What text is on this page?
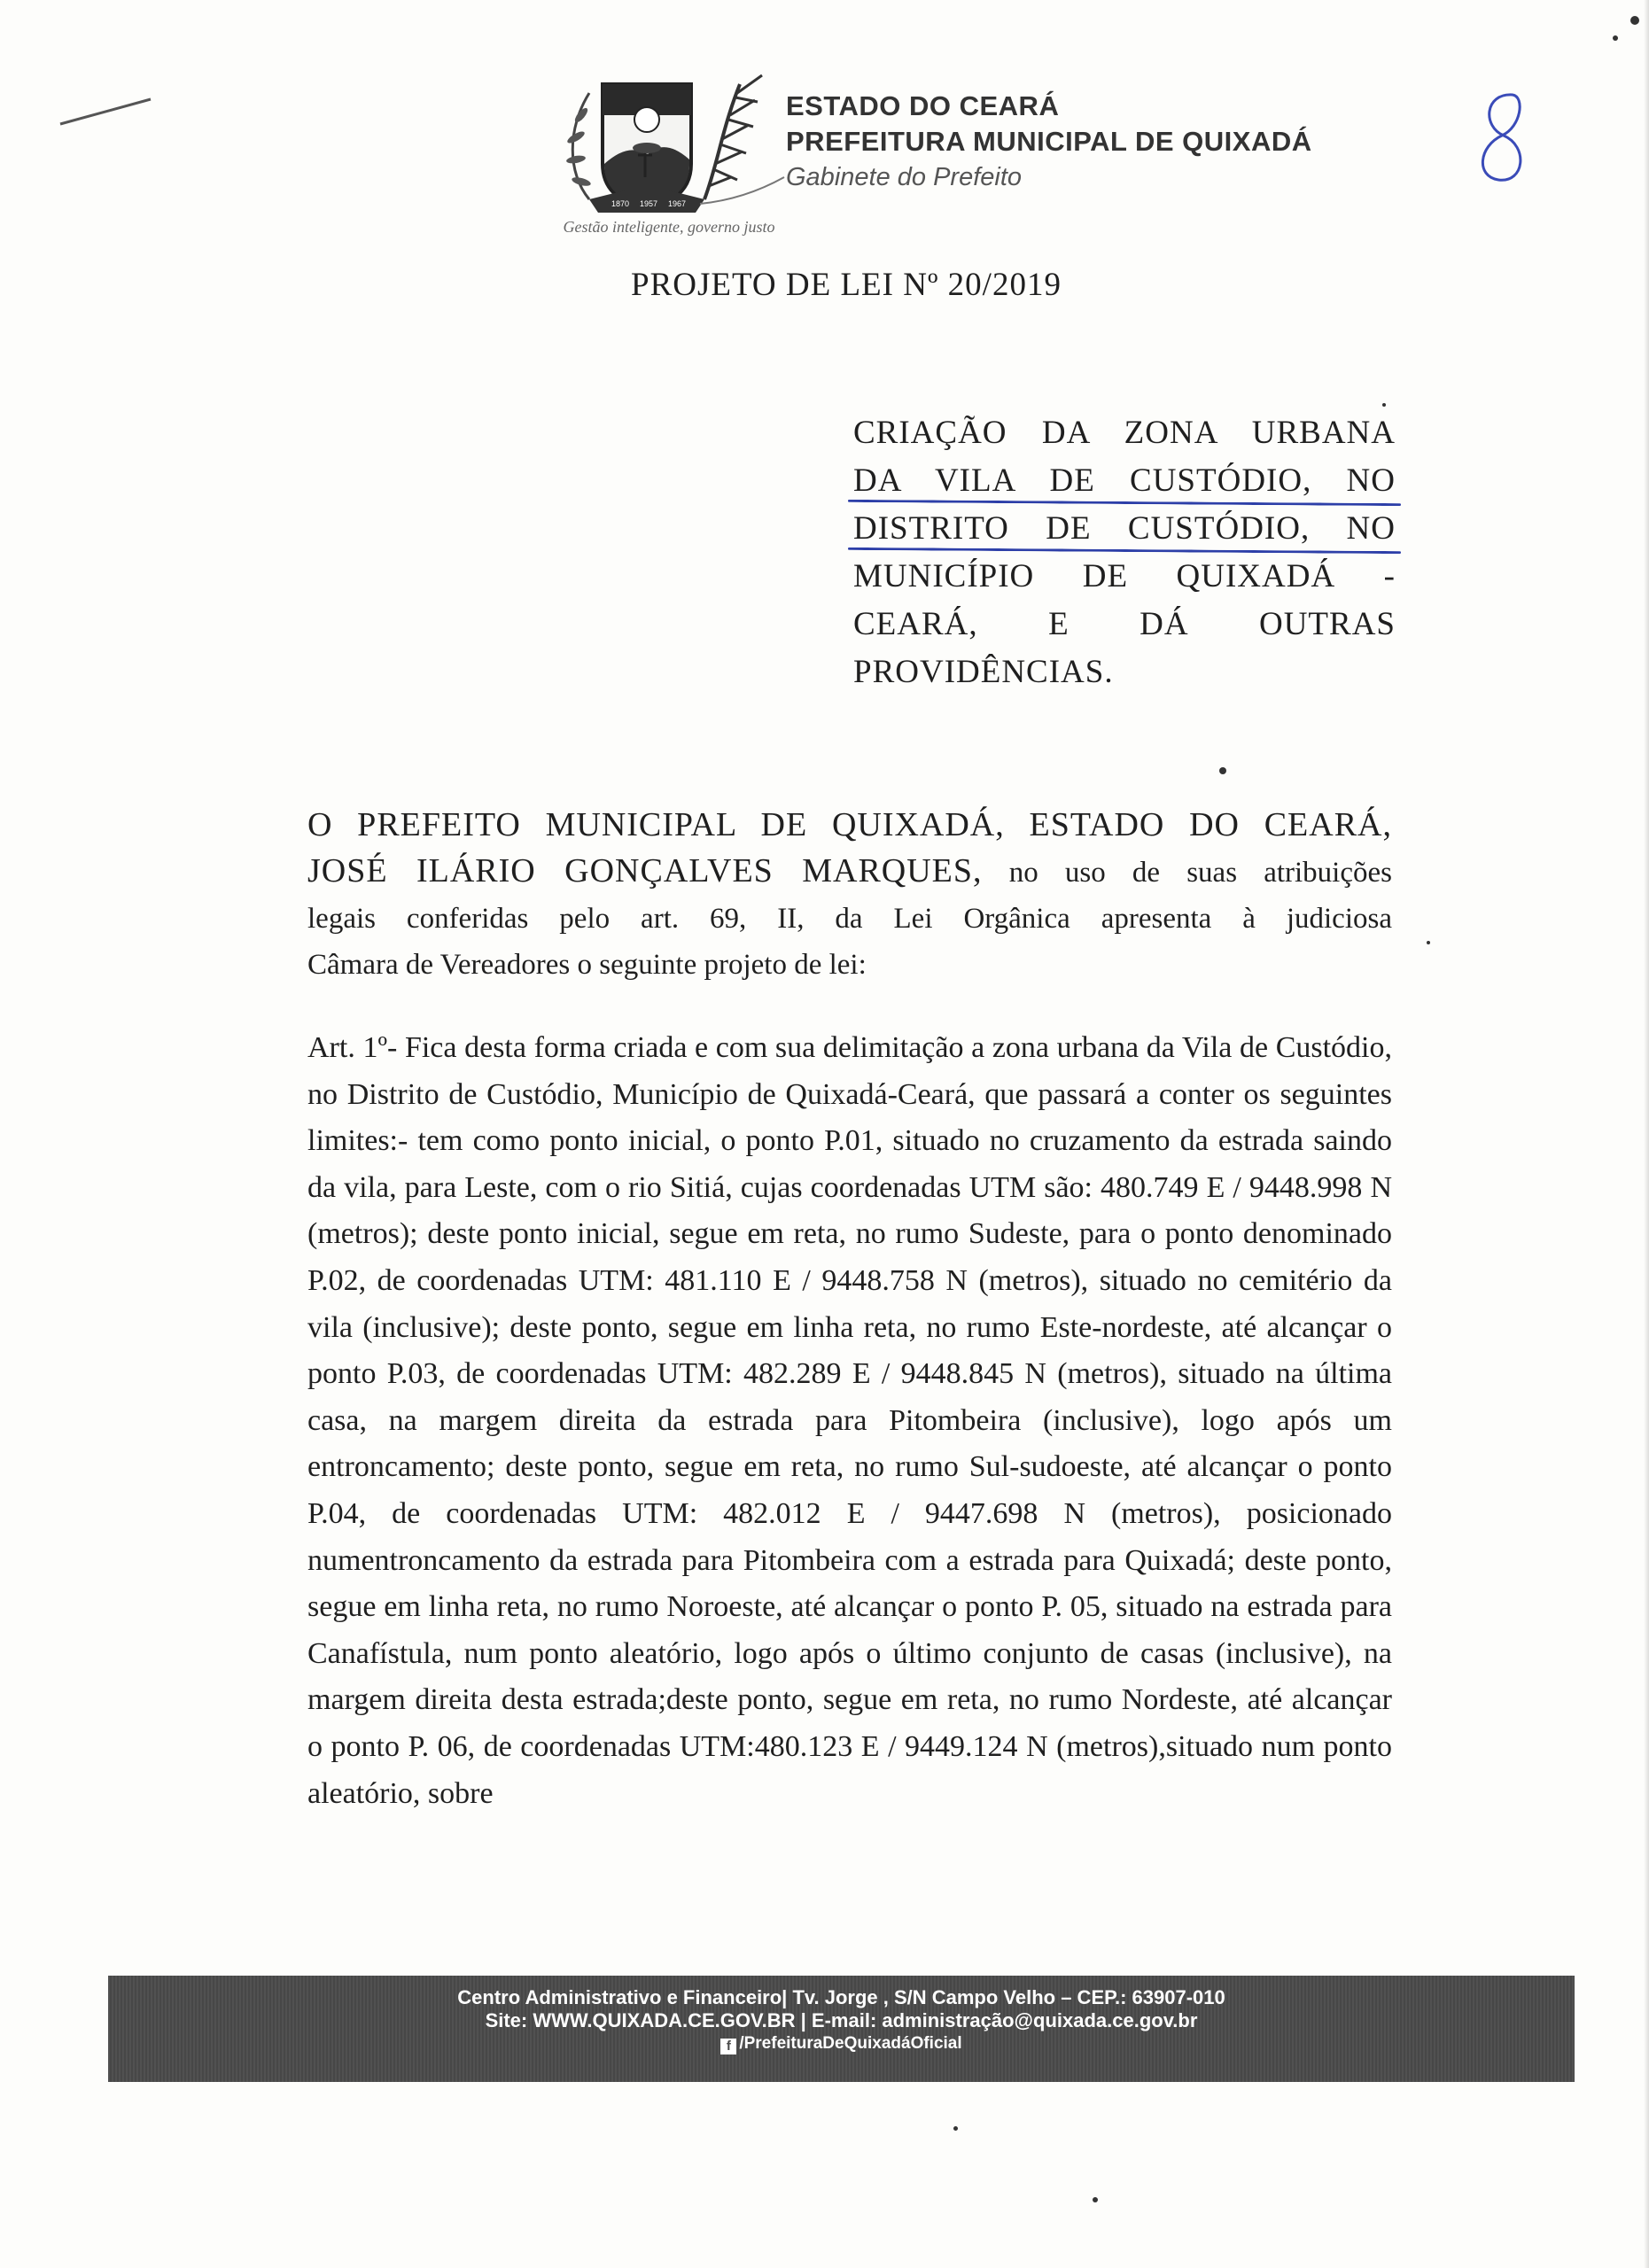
1870 1957 1967
Gestão inteligente, governo justo
ESTADO DO CEARÁ
PREFEITURA MUNICIPAL DE QUIXADÁ
Gabinete do Prefeito
8
PROJETO DE LEI Nº 20/2019
CRIAÇÃO DA ZONA URBANA
DA VILA DE CUSTÓDIO, NO
DISTRITO DE CUSTÓDIO, NO
MUNICÍPIO DE QUIXADÁ -
CEARÁ, E DÁ OUTRAS
PROVIDÊNCIAS.
O PREFEITO MUNICIPAL DE QUIXADÁ, ESTADO DO CEARÁ,
JOSÉ ILÁRIO GONÇALVES MARQUES, no uso de suas atribuições
legais conferidas pelo art. 69, II, da Lei Orgânica apresenta à judiciosa
Câmara de Vereadores o seguinte projeto de lei:

Art. 1º- Fica desta forma criada e com sua delimitação a zona urbana da Vila de Custódio, no Distrito de Custódio, Município de Quixadá-Ceará, que passará a conter os seguintes limites:- tem como ponto inicial, o ponto P.01, situado no cruzamento da estrada saindo da vila, para Leste, com o rio Sitiá, cujas coordenadas UTM são: 480.749 E / 9448.998 N (metros); deste ponto inicial, segue em reta, no rumo Sudeste, para o ponto denominado P.02, de coordenadas UTM: 481.110 E / 9448.758 N (metros), situado no cemitério da vila (inclusive); deste ponto, segue em linha reta, no rumo Este-nordeste, até alcançar o ponto P.03, de coordenadas UTM: 482.289 E / 9448.845 N (metros), situado na última casa, na margem direita da estrada para Pitombeira (inclusive), logo após um entroncamento; deste ponto, segue em reta, no rumo Sul-sudoeste, até alcançar o ponto P.04, de coordenadas UTM: 482.012 E / 9447.698 N (metros), posicionado numentroncamento da estrada para Pitombeira com a estrada para Quixadá; deste ponto, segue em linha reta, no rumo Noroeste, até alcançar o ponto P. 05, situado na estrada para Canafístula, num ponto aleatório, logo após o último conjunto de casas (inclusive), na margem direita desta estrada;deste ponto, segue em reta, no rumo Nordeste, até alcançar o ponto P. 06, de coordenadas UTM:480.123 E / 9449.124 N (metros),situado num ponto aleatório, sobre

Centro Administrativo e Financeiro| Tv. Jorge , S/N Campo Velho – CEP.: 63907-010
Site: WWW.QUIXADA.CE.GOV.BR | E-mail: administração@quixada.ce.gov.br
f /PrefeituraDeQuixadáOficial
